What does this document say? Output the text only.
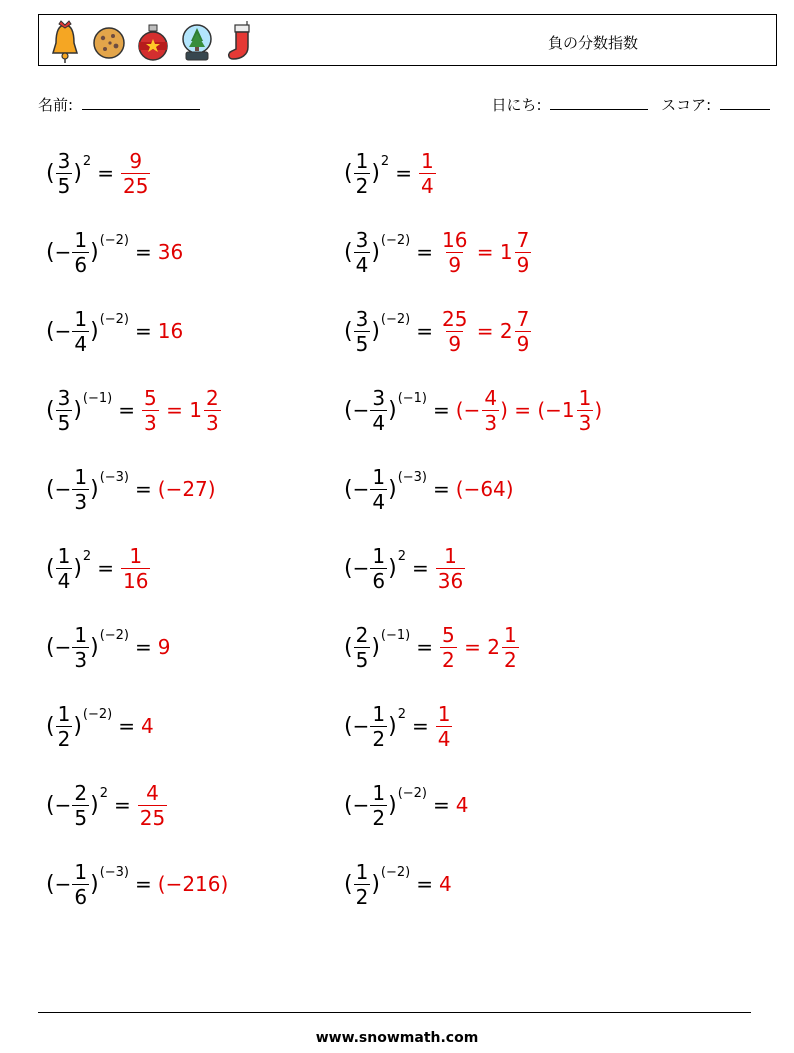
負の分数指数
名前:	日にち:	スコア:
( $\frac{3}{5}$ ) $2 = \frac{9}{25}$	( $\frac{1}{2}$ ) $2 = \frac{1}{4}$
( − $\frac{1}{6}$ ) (−2) = 36	( $\frac{3}{4}$ ) $(-2) = \frac{16}{9} = 1 \frac{7}{9}$
( − $\frac{1}{4}$ ) (−2) = 16	( $\frac{3}{5}$ ) $(-2) = \frac{25}{9} = 2 \frac{7}{9}$
( $\frac{3}{5}$ ) $(-1) = \frac{5}{3} = 1 \frac{2}{3}$	( − $\frac{3}{4}$ ) (−1) = (− $\frac{4}{3}$ ) = ($-1 \frac{1}{3}$ )
( − $\frac{1}{3}$ ) (−3) = (−27)	( − $\frac{1}{4}$ ) (−3) = (−64)
( $\frac{1}{4}$ ) $2 = \frac{1}{16}$	( − $\frac{1}{6}$ ) $2 = \frac{1}{36}$
( − $\frac{1}{3}$ ) (−2) = 9	( $\frac{2}{5}$ ) $(-1) = \frac{5}{2} = 2 \frac{1}{2}$
( $\frac{1}{2}$ ) (−2) = 4	( − $\frac{1}{2}$ ) $2 = \frac{1}{4}$
( − $\frac{2}{5}$ ) $2 = \frac{4}{25}$	( − $\frac{1}{2}$ ) (−2) = 4
( − $\frac{1}{6}$ ) (−3) = (−216)	( $\frac{1}{2}$ ) (−2) = 4
www.snowmath.com
